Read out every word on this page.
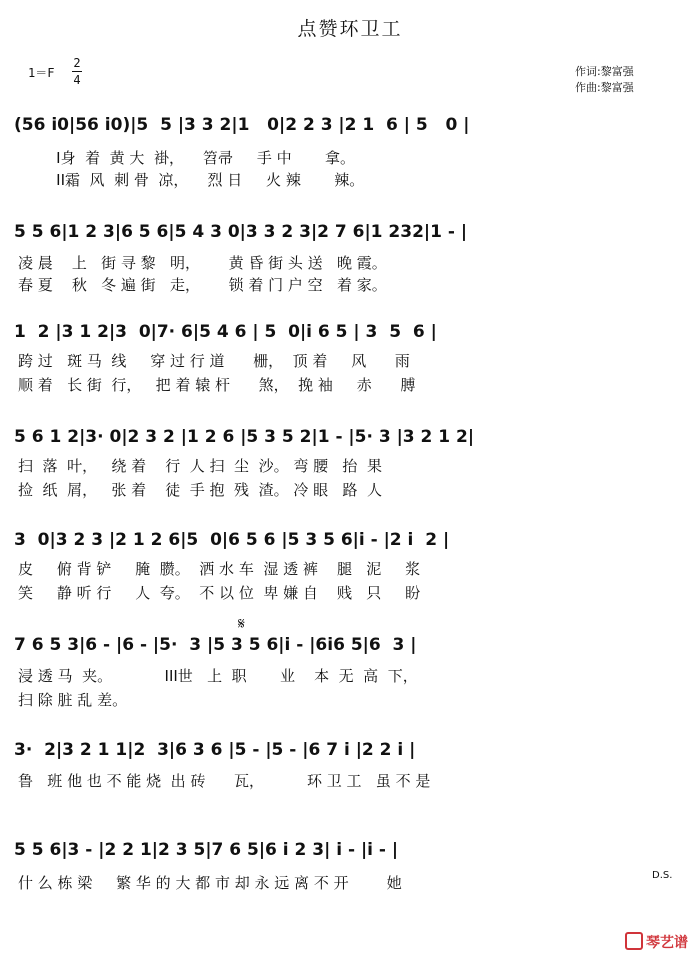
点赞环卫工
1＝F
2
4
作词:黎富强
作曲:黎富强
(56 i0|56 i0)|5  5 |3 3 2|1   0|2 2 3 |2 1  6 | 5   0 |
I身  着  黄 大  褂，    笤帚     手 中       拿。
II霜  风  刺 骨  凉，    烈 日     火 辣       辣。
5 5 6|1 2 3|6 5 6|5 4 3 0|3 3 2 3|2 7 6|1 232|1 - |
凌 晨    上   街 寻 黎   明，      黄 昏 街 头 送   晚 霞。
春 夏    秋   冬 遍 街   走，      锁 着 门 户 空   着 家。
1  2 |3 1 2|3  0|7· 6|5 4 6 | 5  0|i 6 5 | 3  5  6 |
跨 过   斑 马  线     穿 过 行 道      栅，  顶 着     风      雨
顺 着   长 街  行，   把 着 辕 杆      煞，  挽 袖     赤      膊
5 6 1 2|3· 0|2 3 2 |1 2 6 |5 3 5 2|1 - |5· 3 |3 2 1 2|
扫  落  叶，   绕 着    行  人 扫  尘  沙。 弯 腰   抬  果
捡  纸  屑，   张 着    徒  手 抱  残  渣。 冷 眼   路  人
3  0|3 2 3 |2 1 2 6|5  0|6 5 6 |5 3 5 6|i - |2 i  2 |
皮     俯 背 铲     腌  臜。  洒 水 车  湿 透 裤    腿   泥     浆
笑     静 听 行     人  夸。  不 以 位  卑 嫌 自    贱   只     盼
𝄋
7 6 5 3|6 - |6 - |5·  3 |5 3 5 6|i - |6i6 5|6  3 |
浸 透 马  夹。           III世   上  职       业    本  无  高  下，
扫 除 脏 乱 差。
3·  2|3 2 1 1|2  3|6 3 6 |5 - |5 - |6 7 i |2 2 i |
鲁   班 他 也 不 能 烧  出 砖      瓦，         环 卫 工   虽 不 是
5 5 6|3 - |2 2 1|2 3 5|7 6 5|6 i 2 3| i - |i - |
什 么 栋 梁     繁 华 的 大 都 市 却 永 远 离 不 开        她	D.S.
琴艺谱
